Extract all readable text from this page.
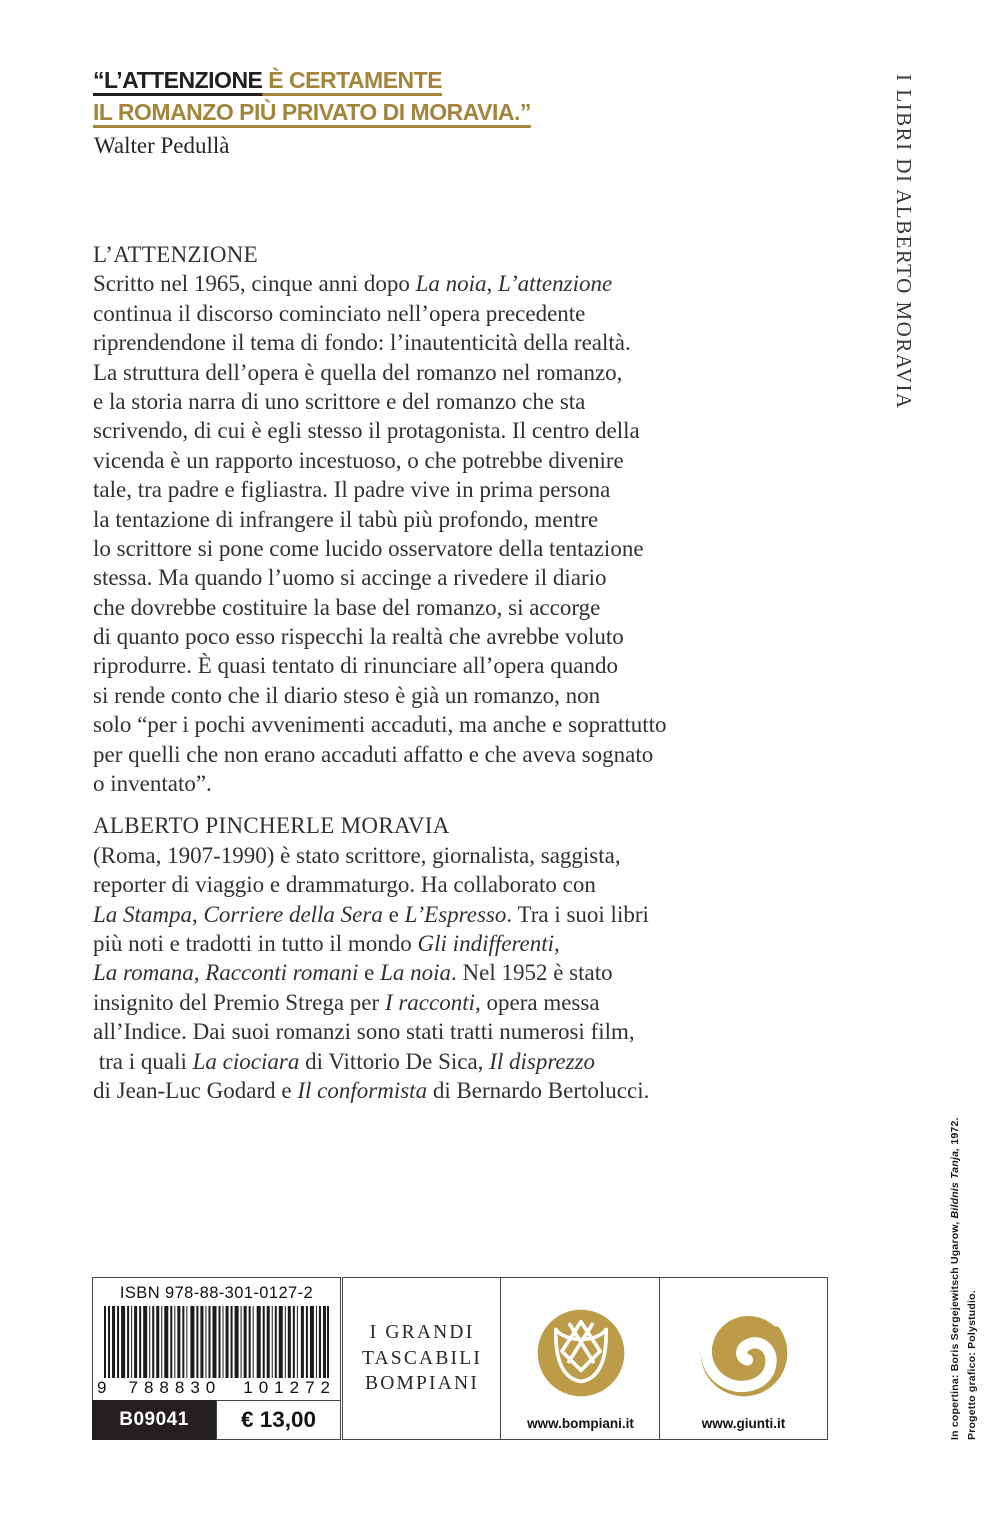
“L’ATTENZIONE È CERTAMENTE
IL ROMANZO PIÙ PRIVATO DI MORAVIA.”
Walter Pedullà	I LIBRI DI ALBERTO MORAVIA
L’ATTENZIONE
Scritto nel 1965, cinque anni dopo La noia, L’attenzione
continua il discorso cominciato nell’opera precedente
riprendendone il tema di fondo: l’inautenticità della realtà.
La struttura dell’opera è quella del romanzo nel romanzo,
e la storia narra di uno scrittore e del romanzo che sta
scrivendo, di cui è egli stesso il protagonista. Il centro della
vicenda è un rapporto incestuoso, o che potrebbe divenire
tale, tra padre e figliastra. Il padre vive in prima persona
la tentazione di infrangere il tabù più profondo, mentre
lo scrittore si pone come lucido osservatore della tentazione
stessa. Ma quando l’uomo si accinge a rivedere il diario
che dovrebbe costituire la base del romanzo, si accorge
di quanto poco esso rispecchi la realtà che avrebbe voluto
riprodurre. È quasi tentato di rinunciare all’opera quando
si rende conto che il diario steso è già un romanzo, non
solo “per i pochi avvenimenti accaduti, ma anche e soprattutto
per quelli che non erano accaduti affatto e che aveva sognato
o inventato”.
ALBERTO PINCHERLE MORAVIA
(Roma, 1907-1990) è stato scrittore, giornalista, saggista,
reporter di viaggio e drammaturgo. Ha collaborato con
La Stampa, Corriere della Sera e L’Espresso. Tra i suoi libri
più noti e tradotti in tutto il mondo Gli indifferenti,
La romana, Racconti romani e La noia. Nel 1952 è stato
insignito del Premio Strega per I racconti, opera messa
all’Indice. Dai suoi romanzi sono stati tratti numerosi film,
tra i quali La ciociara di Vittorio De Sica, Il disprezzo
di Jean-Luc Godard e Il conformista di Bernardo Bertolucci.
ISBN 978-88-301-0127-2
9 788830 101272
B09041	€ 13,00
I GRANDI
TASCABILI
BOMPIANI
www.bompiani.it	www.giunti.it	In copertina: Boris Sergejewitsch Ugarow, Bildnis Tanja, 1972.
Progetto grafico: Polystudio.
